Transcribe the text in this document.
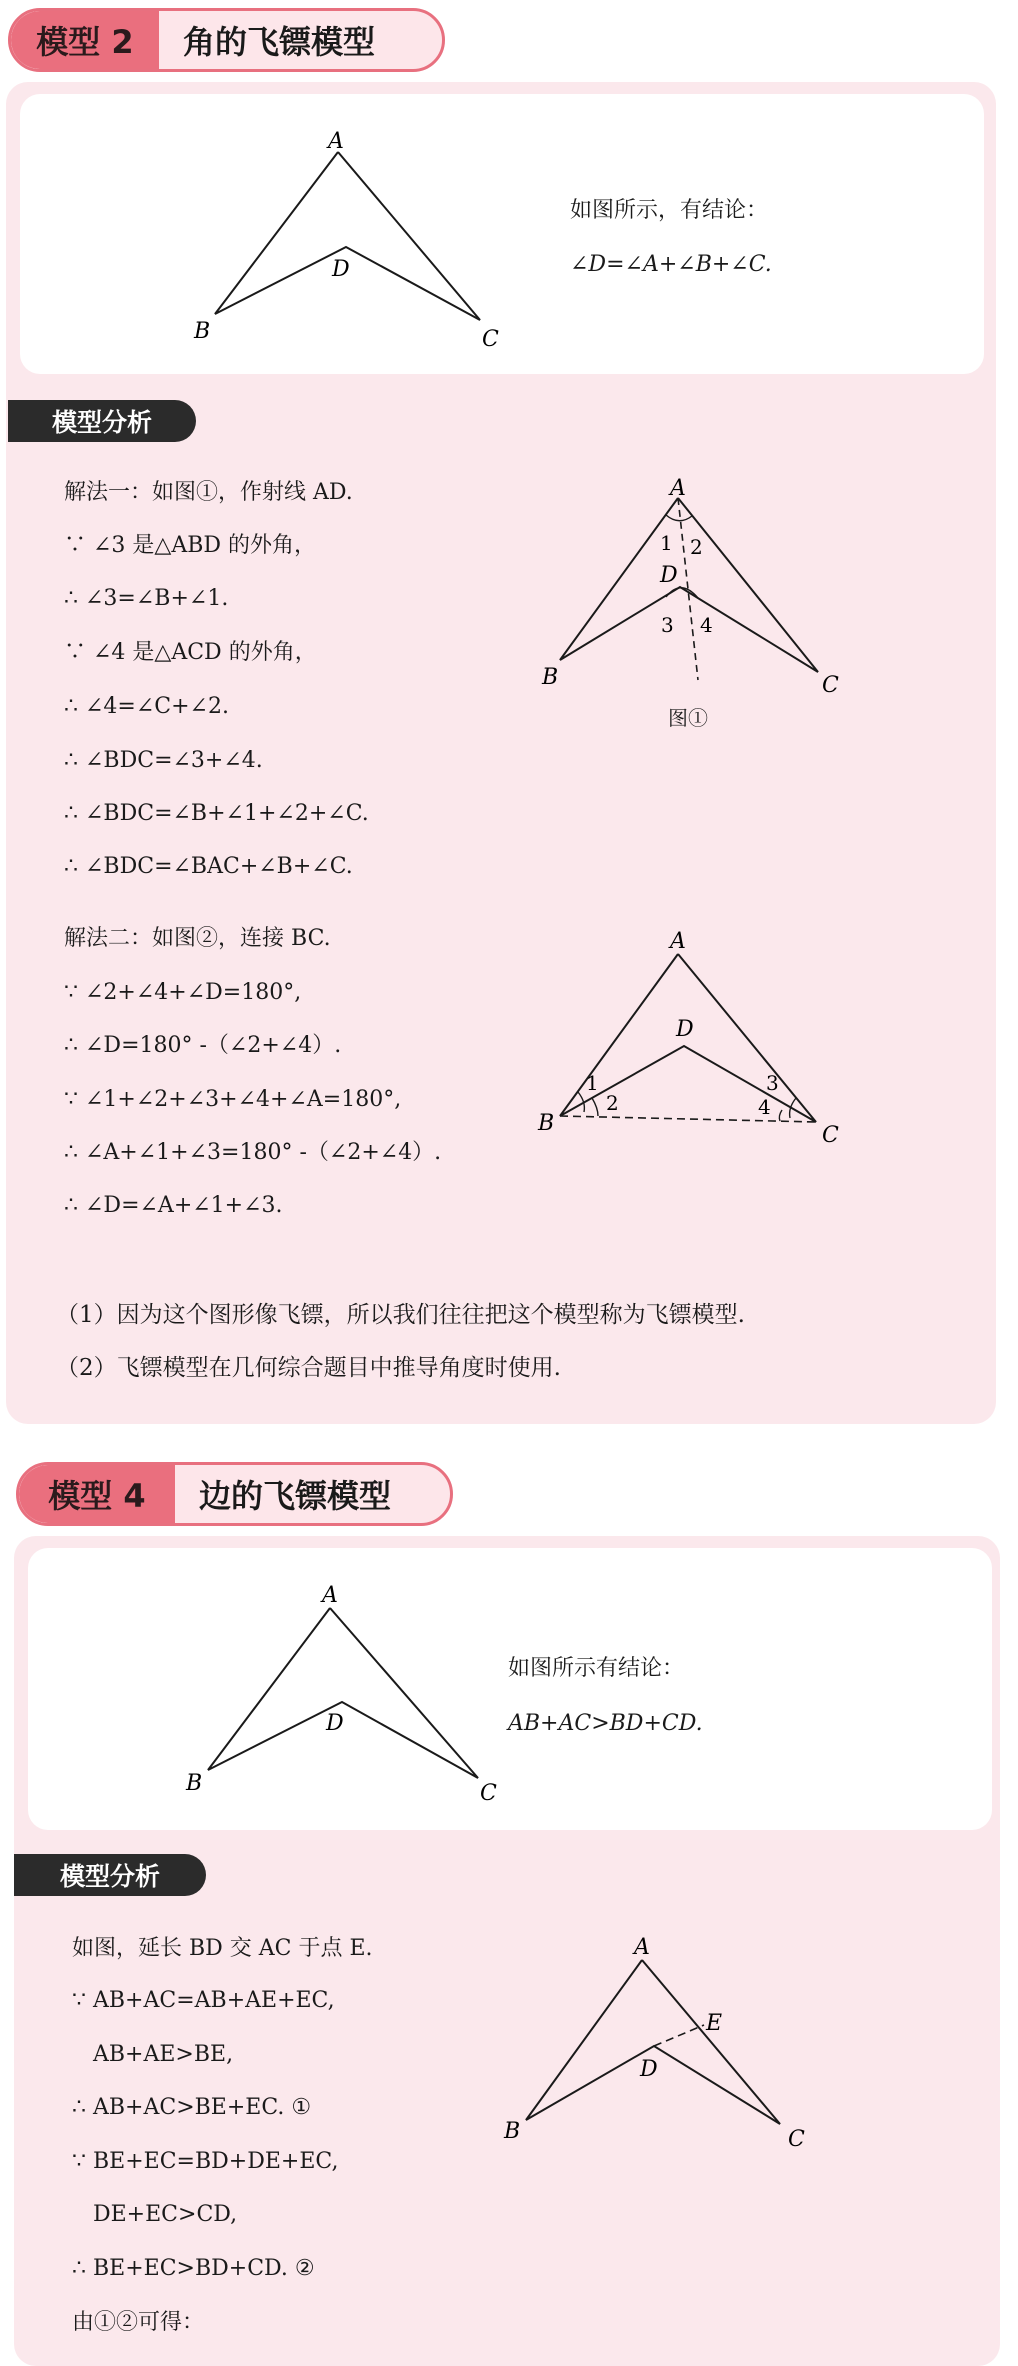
模型 2	角的飞镖模型
A
D
B	C
如图所示，有结论：
∠D=∠A+∠B+∠C.
模型分析
解法一：如图①，作射线 AD.
∵ ∠3 是△ABD 的外角，
∴ ∠3=∠B+∠1.
∵ ∠4 是△ACD 的外角，
∴ ∠4=∠C+∠2.
∴ ∠BDC=∠3+∠4.
∴ ∠BDC=∠B+∠1+∠2+∠C.
∴ ∠BDC=∠BAC+∠B+∠C.
A
1 2
D
3 4
B	C
图①
解法二：如图②，连接 BC.
∵ ∠2+∠4+∠D=180°,
∴ ∠D=180° -（∠2+∠4）.
∵ ∠1+∠2+∠3+∠4+∠A=180°,
∴ ∠A+∠1+∠3=180° -（∠2+∠4）.
∴ ∠D=∠A+∠1+∠3.
A
D
1
2
3
4
B	C
（1）因为这个图形像飞镖，所以我们往往把这个模型称为飞镖模型.
（2）飞镖模型在几何综合题目中推导角度时使用.
模型 4	边的飞镖模型
A
D
B	C
如图所示有结论：
AB+AC>BD+CD.
模型分析
如图，延长 BD 交 AC 于点 E.
∵ AB+AC=AB+AE+EC,
AB+AE>BE,
∴ AB+AC>BE+EC. ①
∵ BE+EC=BD+DE+EC,
DE+EC>CD,
∴ BE+EC>BD+CD. ②
由①②可得：
A
E
D
B	C
